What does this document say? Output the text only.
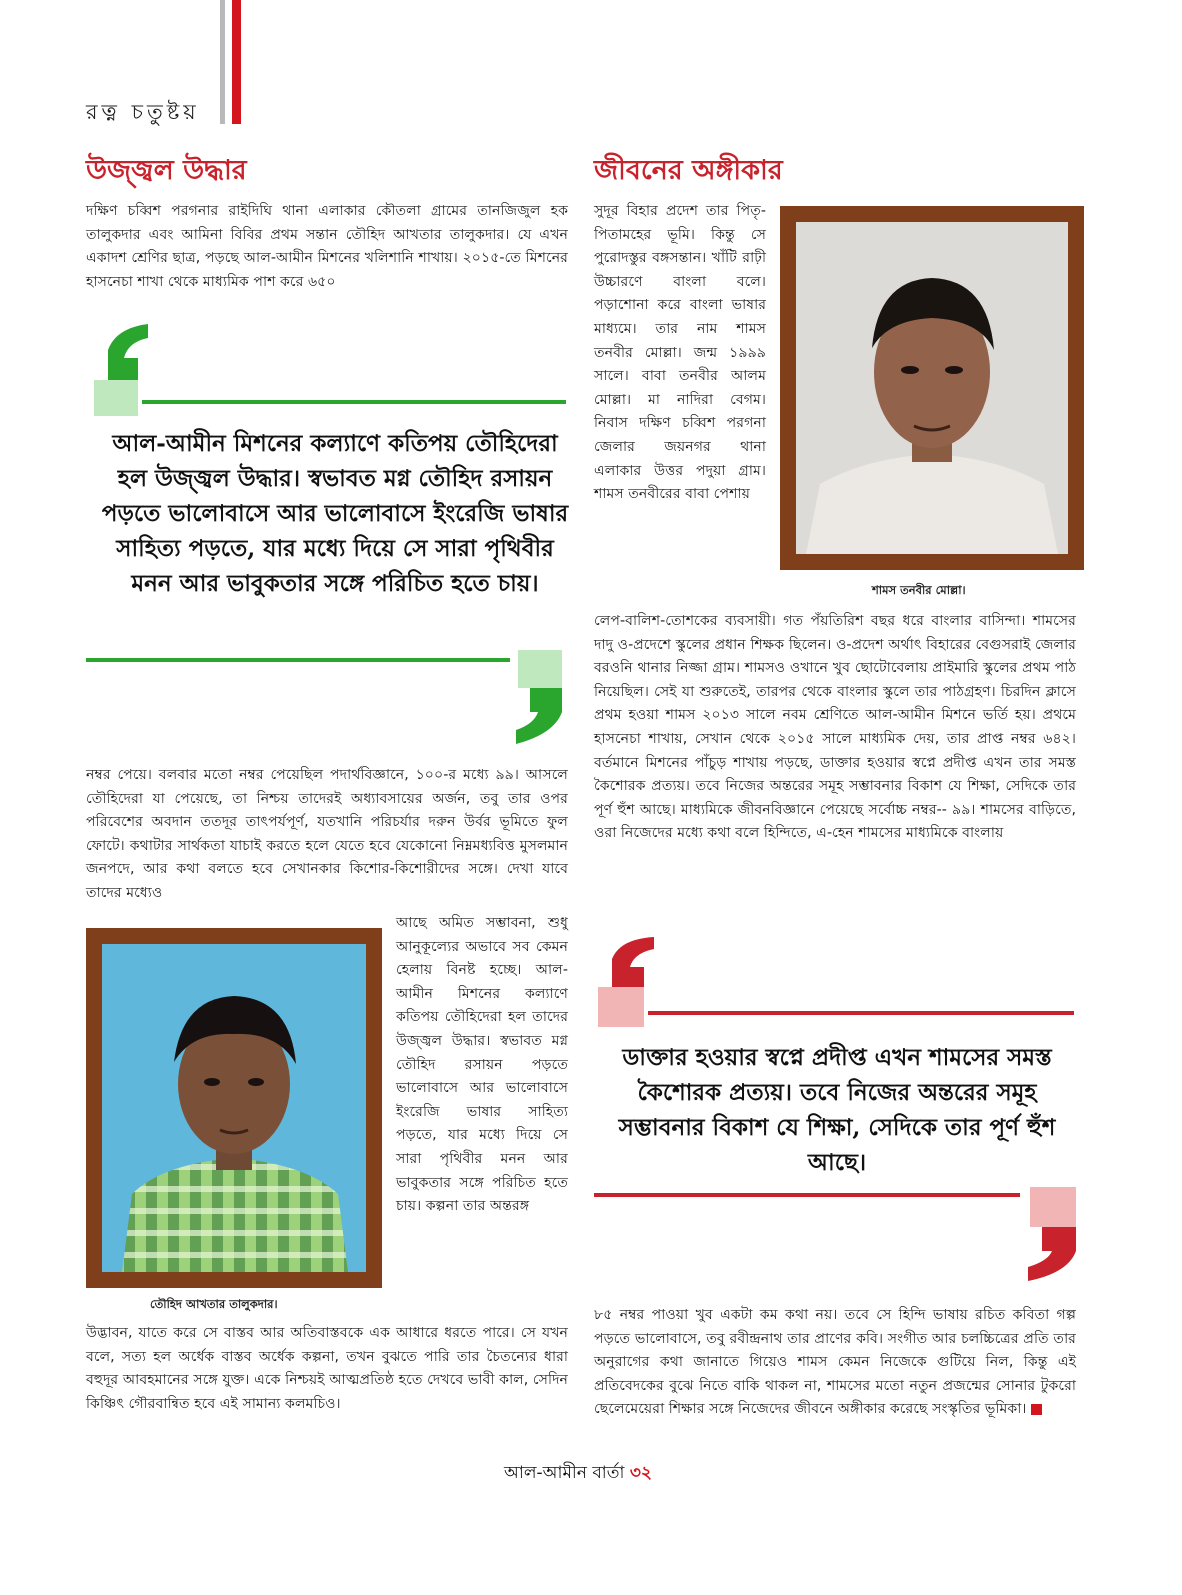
রত্ন চতুষ্টয়
উজ্জ্বল উদ্ধার
দক্ষিণ চব্বিশ পরগনার রাইদিঘি থানা এলাকার কৌতলা গ্রামের তানজিজুল হক তালুকদার এবং আমিনা বিবির প্রথম সন্তান তৌহিদ আখতার তালুকদার। যে এখন একাদশ শ্রেণির ছাত্র, পড়ছে আল-আমীন মিশনের খলিশানি শাখায়। ২০১৫-তে মিশনের হাসনেচা শাখা থেকে মাধ্যমিক পাশ করে ৬৫০
আল-আমীন মিশনের কল্যাণে কতিপয় তৌহিদেরা হল উজ্জ্বল উদ্ধার। স্বভাবত মগ্ন তৌহিদ রসায়ন পড়তে ভালোবাসে আর ভালোবাসে ইংরেজি ভাষার সাহিত্য পড়তে, যার মধ্যে দিয়ে সে সারা পৃথিবীর মনন আর ভাবুকতার সঙ্গে পরিচিত হতে চায়।
নম্বর পেয়ে। বলবার মতো নম্বর পেয়েছিল পদার্থবিজ্ঞানে, ১০০-র মধ্যে ৯৯। আসলে তৌহিদেরা যা পেয়েছে, তা নিশ্চয় তাদেরই অধ্যাবসায়ের অর্জন, তবু তার ওপর পরিবেশের অবদান ততদূর তাৎপর্যপূর্ণ, যতখানি পরিচর্যার দরুন উর্বর ভূমিতে ফুল ফোটে। কথাটার সার্থকতা যাচাই করতে হলে যেতে হবে যেকোনো নিম্নমধ্যবিত্ত মুসলমান জনপদে, আর কথা বলতে হবে সেখানকার কিশোর-কিশোরীদের সঙ্গে। দেখা যাবে তাদের মধ্যেও
তৌহিদ আখতার তালুকদার।
আছে অমিত সম্ভাবনা, শুধু আনুকূল্যের অভাবে সব কেমন হেলায় বিনষ্ট হচ্ছে। আল-আমীন মিশনের কল্যাণে কতিপয় তৌহিদেরা হল তাদের উজ্জ্বল উদ্ধার। স্বভাবত মগ্ন তৌহিদ রসায়ন পড়তে ভালোবাসে আর ভালোবাসে ইংরেজি ভাষার সাহিত্য পড়তে, যার মধ্যে দিয়ে সে সারা পৃথিবীর মনন আর ভাবুকতার সঙ্গে পরিচিত হতে চায়। কল্পনা তার অন্তরঙ্গ
উদ্ভাবন, যাতে করে সে বাস্তব আর অতিবাস্তবকে এক আধারে ধরতে পারে। সে যখন বলে, সত্য হল অর্ধেক বাস্তব অর্ধেক কল্পনা, তখন বুঝতে পারি তার চৈতন্যের ধারা বহুদূর আবহমানের সঙ্গে যুক্ত। একে নিশ্চয়ই আত্মপ্রতিষ্ঠ হতে দেখবে ভাবী কাল, সেদিন কিঞ্চিৎ গৌরবান্বিত হবে এই সামান্য কলমচিও।
জীবনের অঙ্গীকার
সুদূর বিহার প্রদেশ তার পিতৃ-পিতামহের ভূমি। কিন্তু সে পুরোদস্তুর বঙ্গসন্তান। খাঁটি রাঢ়ী উচ্চারণে বাংলা বলে। পড়াশোনা করে বাংলা ভাষার মাধ্যমে। তার নাম শামস তনবীর মোল্লা। জন্ম ১৯৯৯ সালে। বাবা তনবীর আলম মোল্লা। মা নাদিরা বেগম। নিবাস দক্ষিণ চব্বিশ পরগনা জেলার জয়নগর থানা এলাকার উত্তর পদুয়া গ্রাম। শামস তনবীরের বাবা পেশায়
শামস তনবীর মোল্লা।
লেপ-বালিশ-তোশকের ব্যবসায়ী। গত পঁয়তিরিশ বছর ধরে বাংলার বাসিন্দা। শামসের দাদু ও-প্রদেশে স্কুলের প্রধান শিক্ষক ছিলেন। ও-প্রদেশ অর্থাৎ বিহারের বেগুসরাই জেলার বরওনি থানার নিজ্জা গ্রাম। শামসও ওখানে খুব ছোটোবেলায় প্রাইমারি স্কুলের প্রথম পাঠ নিয়েছিল। সেই যা শুরুতেই, তারপর থেকে বাংলার স্কুলে তার পাঠগ্রহণ। চিরদিন ক্লাসে প্রথম হওয়া শামস ২০১৩ সালে নবম শ্রেণিতে আল-আমীন মিশনে ভর্তি হয়। প্রথমে হাসনেচা শাখায়, সেখান থেকে ২০১৫ সালে মাধ্যমিক দেয়, তার প্রাপ্ত নম্বর ৬৪২। বর্তমানে মিশনের পাঁচুড় শাখায় পড়ছে, ডাক্তার হওয়ার স্বপ্নে প্রদীপ্ত এখন তার সমস্ত কৈশোরক প্রত্যয়। তবে নিজের অন্তরের সমূহ সম্ভাবনার বিকাশ যে শিক্ষা, সেদিকে তার পূর্ণ হুঁশ আছে। মাধ্যমিকে জীবনবিজ্ঞানে পেয়েছে সর্বোচ্চ নম্বর-- ৯৯। শামসের বাড়িতে, ওরা নিজেদের মধ্যে কথা বলে হিন্দিতে, এ-হেন শামসের মাধ্যমিকে বাংলায়
ডাক্তার হওয়ার স্বপ্নে প্রদীপ্ত এখন শামসের সমস্ত কৈশোরক প্রত্যয়। তবে নিজের অন্তরের সমূহ সম্ভাবনার বিকাশ যে শিক্ষা, সেদিকে তার পূর্ণ হুঁশ আছে।
৮৫ নম্বর পাওয়া খুব একটা কম কথা নয়। তবে সে হিন্দি ভাষায় রচিত কবিতা গল্প পড়তে ভালোবাসে, তবু রবীন্দ্রনাথ তার প্রাণের কবি। সংগীত আর চলচ্চিত্রের প্রতি তার অনুরাগের কথা জানাতে গিয়েও শামস কেমন নিজেকে গুটিয়ে নিল, কিন্তু এই প্রতিবেদকের বুঝে নিতে বাকি থাকল না, শামসের মতো নতুন প্রজন্মের সোনার টুকরো ছেলেমেয়েরা শিক্ষার সঙ্গে নিজেদের জীবনে অঙ্গীকার করেছে সংস্কৃতির ভূমিকা।
আল-আমীন বার্তা ৩২
